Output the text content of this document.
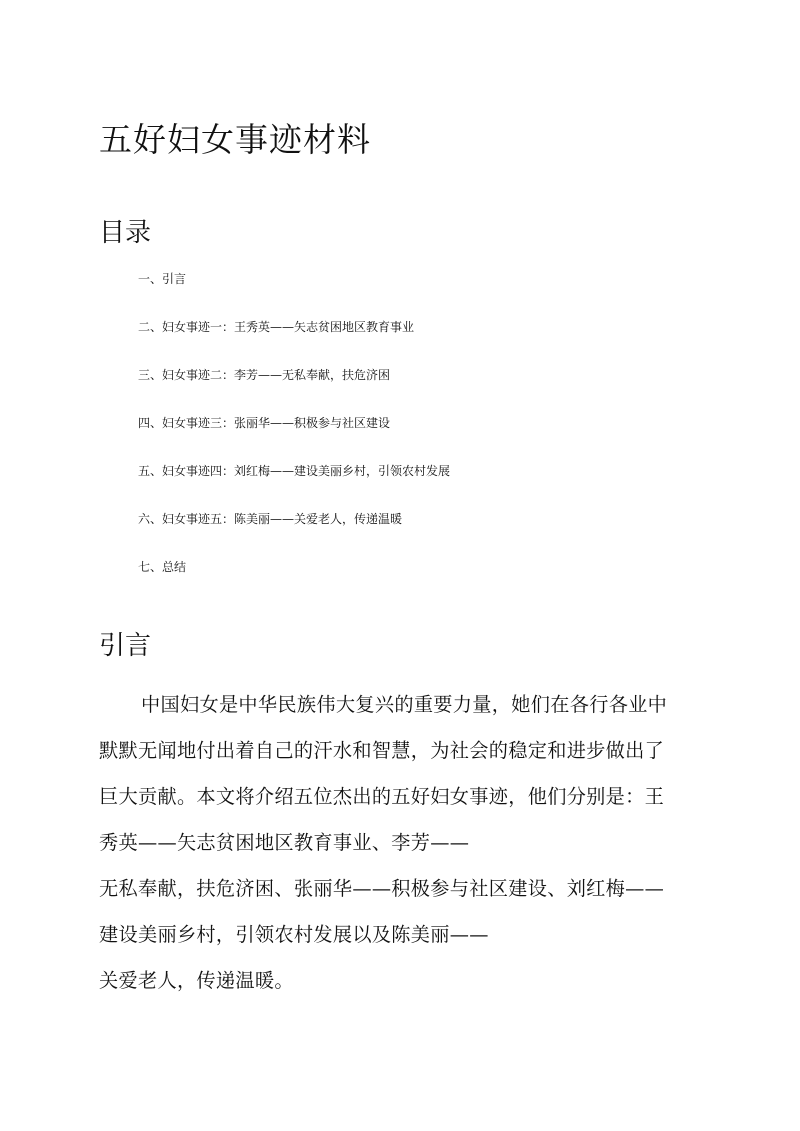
五好妇女事迹材料
目录
一、引言
二、妇女事迹一：王秀英——矢志贫困地区教育事业
三、妇女事迹二：李芳——无私奉献，扶危济困
四、妇女事迹三：张丽华——积极参与社区建设
五、妇女事迹四：刘红梅——建设美丽乡村，引领农村发展
六、妇女事迹五：陈美丽——关爱老人，传递温暖
七、总结
引言

中国妇女是中华民族伟大复兴的重要力量，她们在各行各业中
默默无闻地付出着自己的汗水和智慧，为社会的稳定和进步做出了
巨大贡献。本文将介绍五位杰出的五好妇女事迹，他们分别是：王
秀英——矢志贫困地区教育事业、李芳——
无私奉献，扶危济困、张丽华——积极参与社区建设、刘红梅——
建设美丽乡村，引领农村发展以及陈美丽——
关爱老人，传递温暖。
